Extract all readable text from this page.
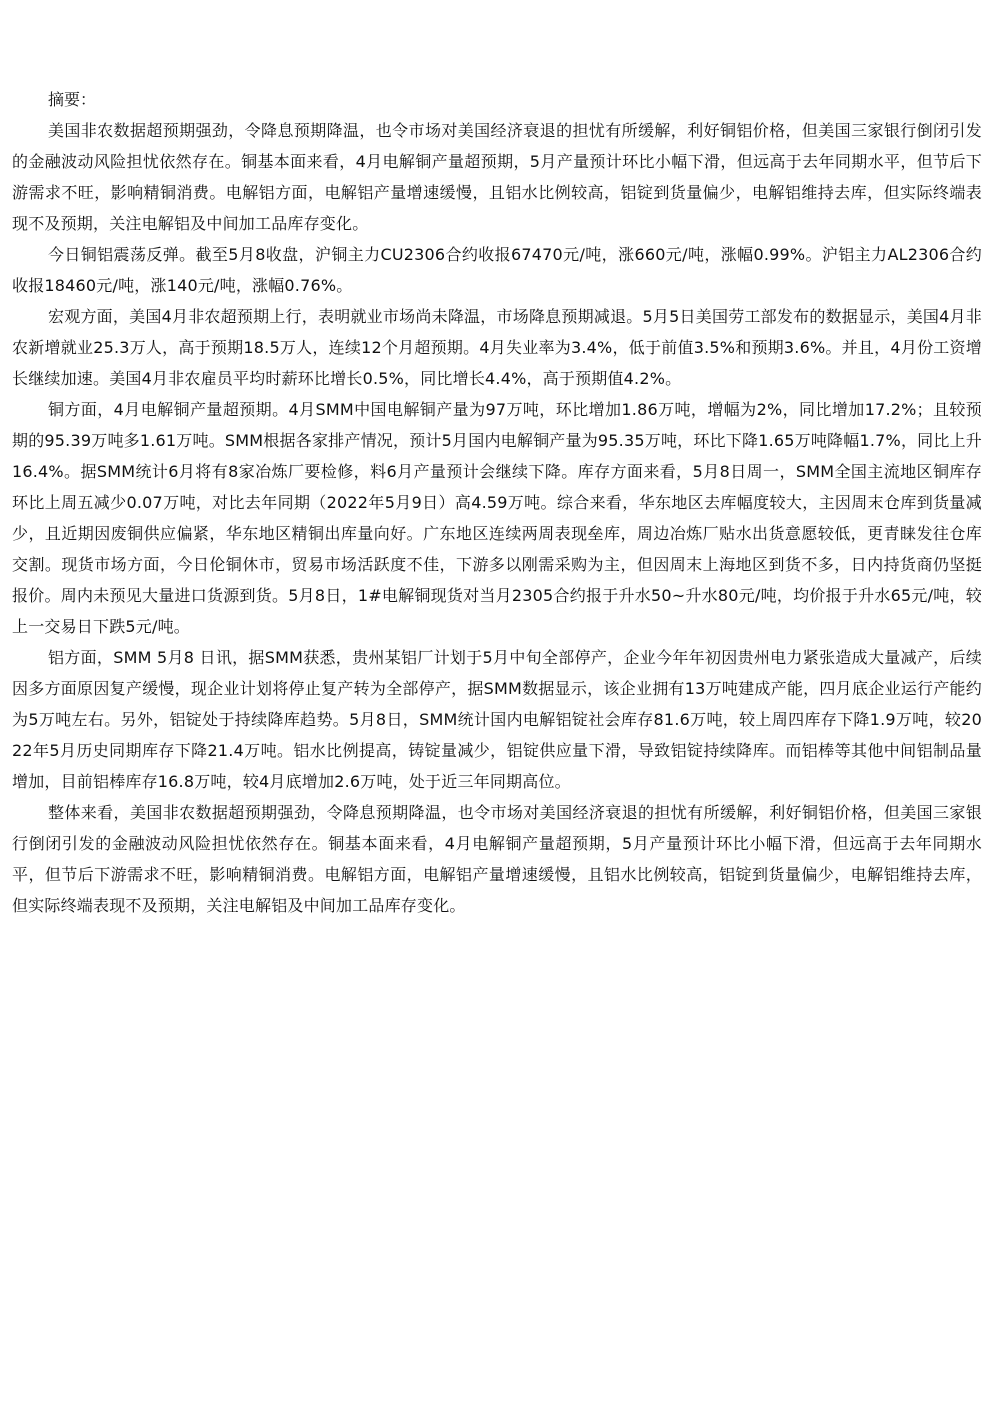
摘要：

美国非农数据超预期强劲，令降息预期降温，也令市场对美国经济衰退的担忧有所缓解，利好铜铝价格，但美国三家银行倒闭引发的金融波动风险担忧依然存在。铜基本面来看，4月电解铜产量超预期，5月产量预计环比小幅下滑，但远高于去年同期水平，但节后下游需求不旺，影响精铜消费。电解铝方面，电解铝产量增速缓慢，且铝水比例较高，铝锭到货量偏少，电解铝维持去库，但实际终端表现不及预期，关注电解铝及中间加工品库存变化。

今日铜铝震荡反弹。截至5月8收盘，沪铜主力CU2306合约收报67470元/吨，涨660元/吨，涨幅0.99%。沪铝主力AL2306合约收报18460元/吨，涨140元/吨，涨幅0.76%。

宏观方面，美国4月非农超预期上行，表明就业市场尚未降温，市场降息预期减退。5月5日美国劳工部发布的数据显示，美国4月非农新增就业25.3万人，高于预期18.5万人，连续12个月超预期。4月失业率为3.4%，低于前值3.5%和预期3.6%。并且，4月份工资增长继续加速。美国4月非农雇员平均时薪环比增长0.5%，同比增长4.4%，高于预期值4.2%。

铜方面，4月电解铜产量超预期。4月SMM中国电解铜产量为97万吨，环比增加1.86万吨，增幅为2%，同比增加17.2%；且较预期的95.39万吨多1.61万吨。SMM根据各家排产情况，预计5月国内电解铜产量为95.35万吨，环比下降1.65万吨降幅1.7%，同比上升16.4%。据SMM统计6月将有8家冶炼厂要检修，料6月产量预计会继续下降。库存方面来看，5月8日周一，SMM全国主流地区铜库存环比上周五减少0.07万吨，对比去年同期（2022年5月9日）高4.59万吨。综合来看，华东地区去库幅度较大，主因周末仓库到货量减少，且近期因废铜供应偏紧，华东地区精铜出库量向好。广东地区连续两周表现垒库，周边冶炼厂贴水出货意愿较低，更青睐发往仓库交割。现货市场方面，今日伦铜休市，贸易市场活跃度不佳，下游多以刚需采购为主，但因周末上海地区到货不多，日内持货商仍坚挺报价。周内未预见大量进口货源到货。5月8日，1#电解铜现货对当月2305合约报于升水50~升水80元/吨，均价报于升水65元/吨，较上一交易日下跌5元/吨。

铝方面，SMM 5月8 日讯，据SMM获悉，贵州某铝厂计划于5月中旬全部停产，企业今年年初因贵州电力紧张造成大量减产，后续因多方面原因复产缓慢，现企业计划将停止复产转为全部停产，据SMM数据显示，该企业拥有13万吨建成产能，四月底企业运行产能约为5万吨左右。另外，铝锭处于持续降库趋势。5月8日，SMM统计国内电解铝锭社会库存81.6万吨，较上周四库存下降1.9万吨，较2022年5月历史同期库存下降21.4万吨。铝水比例提高，铸锭量减少，铝锭供应量下滑，导致铝锭持续降库。而铝棒等其他中间铝制品量增加，目前铝棒库存16.8万吨，较4月底增加2.6万吨，处于近三年同期高位。

整体来看，美国非农数据超预期强劲，令降息预期降温，也令市场对美国经济衰退的担忧有所缓解，利好铜铝价格，但美国三家银行倒闭引发的金融波动风险担忧依然存在。铜基本面来看，4月电解铜产量超预期，5月产量预计环比小幅下滑，但远高于去年同期水平，但节后下游需求不旺，影响精铜消费。电解铝方面，电解铝产量增速缓慢，且铝水比例较高，铝锭到货量偏少，电解铝维持去库，但实际终端表现不及预期，关注电解铝及中间加工品库存变化。
